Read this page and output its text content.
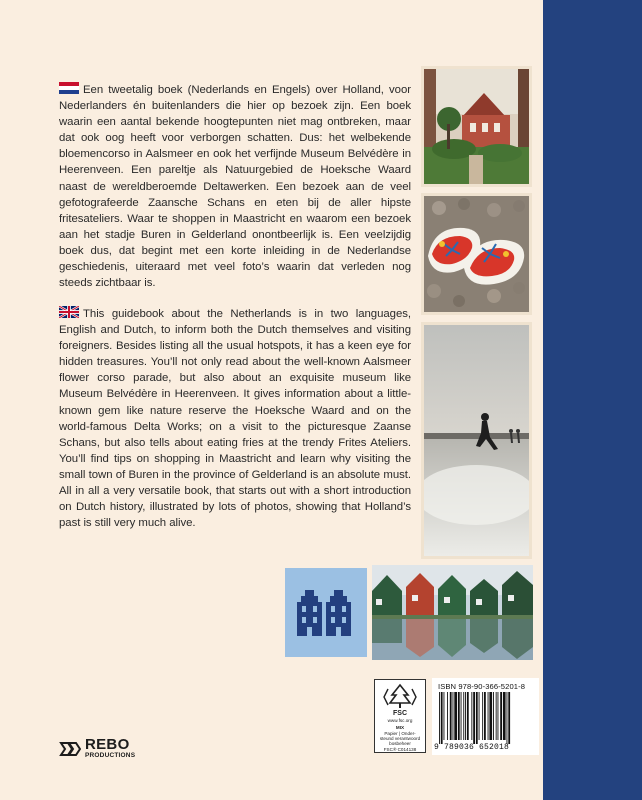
Een tweetalig boek (Nederlands en Engels) over Holland, voor Nederlanders én buitenlanders die hier op bezoek zijn. Een boek waarin een aantal bekende hoogtepunten niet mag ontbreken, maar dat ook oog heeft voor verborgen schatten. Dus: het welbekende bloemencorso in Aalsmeer en ook het verfijnde Museum Belvédère in Heerenveen. Een pareltje als Natuurgebied de Hoeksche Waard naast de wereldberoemde Deltawerken. Een bezoek aan de veel gefotografeerde Zaansche Schans en eten bij de aller hipste fritesateliers. Waar te shoppen in Maastricht en waarom een bezoek aan het stadje Buren in Gelderland onontbeerlijk is. Een veelzijdig boek dus, dat begint met een korte inleiding in de Nederlandse geschiedenis, uiteraard met veel foto’s waarin dat verleden nog steeds zichtbaar is.
This guidebook about the Netherlands is in two languages, English and Dutch, to inform both the Dutch themselves and visiting foreigners. Besides listing all the usual hotspots, it has a keen eye for hidden treasures. You’ll not only read about the well-known Aalsmeer flower corso parade, but also about an exquisite museum like Museum Belvédère in Heerenveen. It gives information about a little-known gem like nature reserve the Hoeksche Waard and on the world-famous Delta Works; on a visit to the picturesque Zaanse Schans, but also tells about eating fries at the trendy Frites Ateliers. You’ll find tips on shopping in Maastricht and learn why visiting the small town of Buren in the province of Gelderland is an absolute must. All in all a very versatile book, that starts out with a short introduction on Dutch history, illustrated by lots of photos, showing that Holland’s past is still very much alive.
FSC
www.fsc.org
MIX
Papier | Onder-
steund verantwoord
bosbeheer
FSC® C014138
ISBN 978-90-366-5201-8
9 789036 652018
REBO
PRODUCTIONS
